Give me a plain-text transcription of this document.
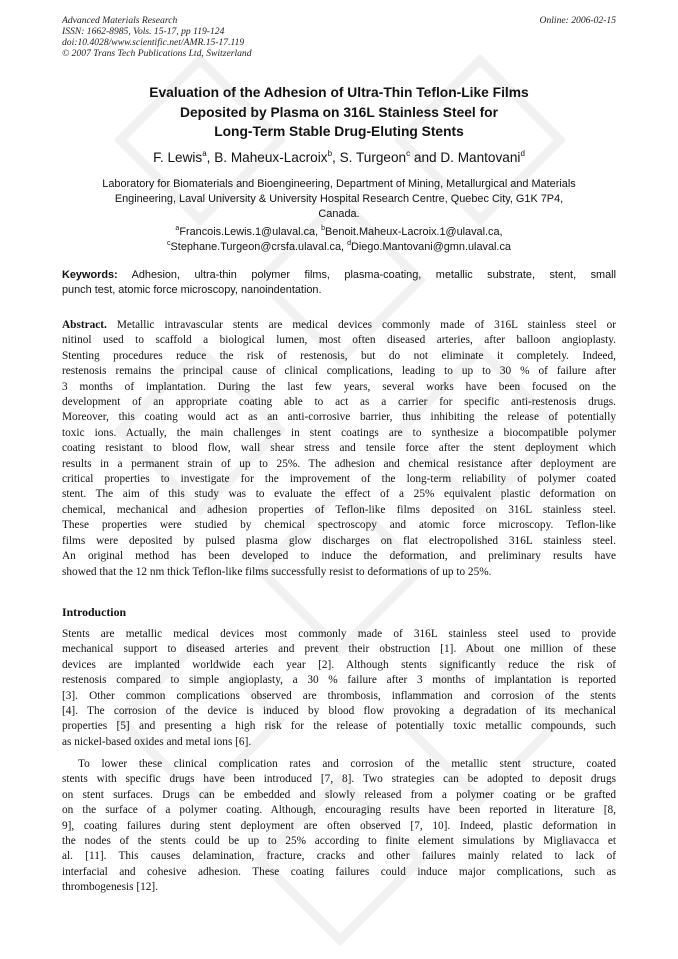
Advanced Materials Research
ISSN: 1662-8985, Vols. 15-17, pp 119-124
doi:10.4028/www.scientific.net/AMR.15-17.119
© 2007 Trans Tech Publications Ltd, Switzerland
Online: 2006-02-15
Evaluation of the Adhesion of Ultra-Thin Teflon-Like Films
Deposited by Plasma on 316L Stainless Steel for
Long-Term Stable Drug-Eluting Stents
F. Lewis$^a$, B. Maheux-Lacroix$^b$, S. Turgeon$^c$ and D. Mantovani$^d$
Laboratory for Biomaterials and Bioengineering, Department of Mining, Metallurgical and Materials
Engineering, Laval University & University Hospital Research Centre, Quebec City, G1K 7P4,
Canada.
$^a$Francois.Lewis.1@ulaval.ca, $^b$Benoit.Maheux-Lacroix.1@ulaval.ca,
$^c$Stephane.Turgeon@crsfa.ulaval.ca, $^d$Diego.Mantovani@gmn.ulaval.ca
Keywords: Adhesion, ultra-thin polymer films, plasma-coating, metallic substrate, stent, small
punch test, atomic force microscopy, nanoindentation.
Abstract. Metallic intravascular stents are medical devices commonly made of 316L stainless steel or
nitinol used to scaffold a biological lumen, most often diseased arteries, after balloon angioplasty.
Stenting procedures reduce the risk of restenosis, but do not eliminate it completely. Indeed,
restenosis remains the principal cause of clinical complications, leading to up to 30 % of failure after
3 months of implantation. During the last few years, several works have been focused on the
development of an appropriate coating able to act as a carrier for specific anti-restenosis drugs.
Moreover, this coating would act as an anti-corrosive barrier, thus inhibiting the release of potentially
toxic ions. Actually, the main challenges in stent coatings are to synthesize a biocompatible polymer
coating resistant to blood flow, wall shear stress and tensile force after the stent deployment which
results in a permanent strain of up to 25%. The adhesion and chemical resistance after deployment are
critical properties to investigate for the improvement of the long-term reliability of polymer coated
stent. The aim of this study was to evaluate the effect of a 25% equivalent plastic deformation on
chemical, mechanical and adhesion properties of Teflon-like films deposited on 316L stainless steel.
These properties were studied by chemical spectroscopy and atomic force microscopy. Teflon-like
films were deposited by pulsed plasma glow discharges on flat electropolished 316L stainless steel.
An original method has been developed to induce the deformation, and preliminary results have
showed that the 12 nm thick Teflon-like films successfully resist to deformations of up to 25%.
Introduction
Stents are metallic medical devices most commonly made of 316L stainless steel used to provide
mechanical support to diseased arteries and prevent their obstruction [1]. About one million of these
devices are implanted worldwide each year [2]. Although stents significantly reduce the risk of
restenosis compared to simple angioplasty, a 30 % failure after 3 months of implantation is reported
[3]. Other common complications observed are thrombosis, inflammation and corrosion of the stents
[4]. The corrosion of the device is induced by blood flow provoking a degradation of its mechanical
properties [5] and presenting a high risk for the release of potentially toxic metallic compounds, such
as nickel-based oxides and metal ions [6].
To lower these clinical complication rates and corrosion of the metallic stent structure, coated
stents with specific drugs have been introduced [7, 8]. Two strategies can be adopted to deposit drugs
on stent surfaces. Drugs can be embedded and slowly released from a polymer coating or be grafted
on the surface of a polymer coating. Although, encouraging results have been reported in literature [8,
9], coating failures during stent deployment are often observed [7, 10]. Indeed, plastic deformation in
the nodes of the stents could be up to 25% according to finite element simulations by Migliavacca et
al. [11]. This causes delamination, fracture, cracks and other failures mainly related to lack of
interfacial and cohesive adhesion. These coating failures could induce major complications, such as
thrombogenesis [12].
